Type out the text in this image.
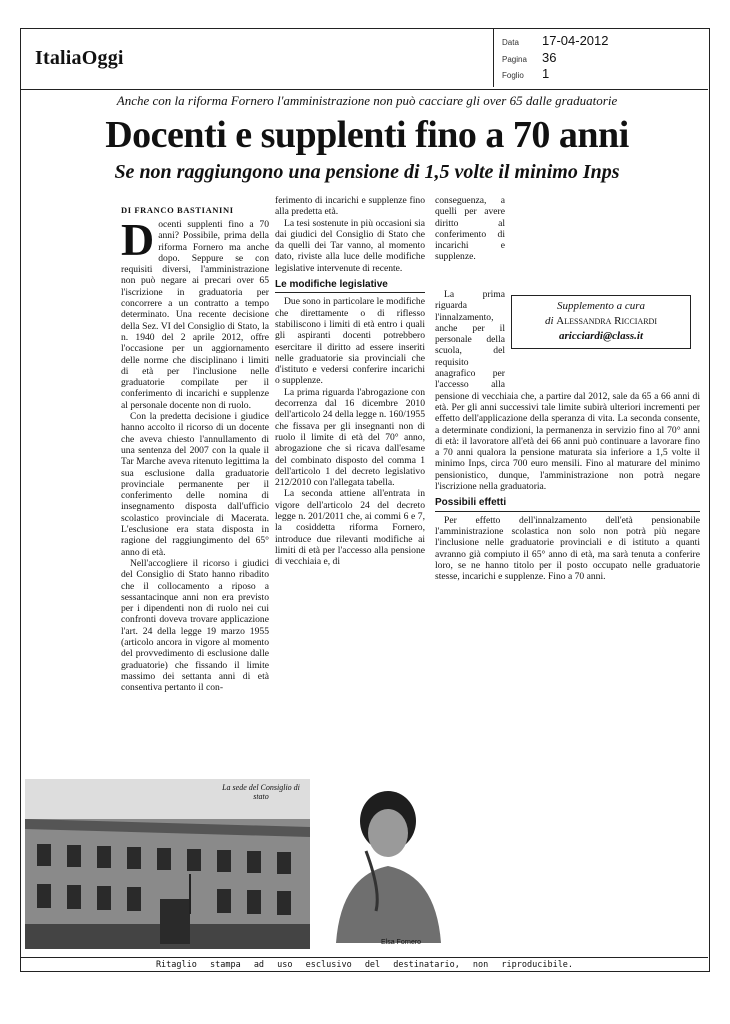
ItaliaOggi
Data 17-04-2012
Pagina 36
Foglio 1
Anche con la riforma Fornero l'amministrazione non può cacciare gli over 65 dalle graduatorie
Docenti e supplenti fino a 70 anni
Se non raggiungono una pensione di 1,5 volte il minimo Inps
DI FRANCO BASTIANINI

Docenti supplenti fino a 70 anni? Possibile, prima della riforma Fornero ma anche dopo. Seppure se con requisiti diversi, l'amministrazione non può negare ai precari over 65 l'iscrizione in graduatoria per concorrere a un contratto a tempo determinato. Una recente decisione della Sez. VI del Consiglio di Stato, la n. 1940 del 2 aprile 2012, offre l'occasione per un aggiornamento delle norme che disciplinano i limiti di età per l'inclusione nelle graduatorie compilate per il conferimento di incarichi e supplenze al personale docente non di ruolo.

Con la predetta decisione i giudice hanno accolto il ricorso di un docente che aveva chiesto l'annullamento di una sentenza del 2007 con la quale il Tar Marche aveva ritenuto legittima la sua esclusione dalla graduatorie provinciale permanente per il conferimento delle nomina di insegnamento disposta dall'ufficio scolastico provinciale di Macerata. L'esclusione era stata disposta in ragione del raggiungimento del 65° anno di età.

Nell'accogliere il ricorso i giudici del Consiglio di Stato hanno ribadito che il collocamento a riposo a sessantacinque anni non era previsto per i dipendenti non di ruolo nei cui confronti doveva trovare applicazione l'art. 24 della legge 19 marzo 1955 (articolo ancora in vigore al momento del provvedimento di esclusione dalle graduatorie) che fissando il limite massimo dei settanta anni di età consentiva pertanto il con-

ferimento di incarichi e supplenze fino alla predetta età.

La tesi sostenute in più occasioni sia dai giudici del Consiglio di Stato che da quelli dei Tar vanno, al momento dato, riviste alla luce delle modifiche legislative intervenute di recente.

Le modifiche legislative

Due sono in particolare le modifiche che direttamente o di riflesso stabiliscono i limiti di età entro i quali gli aspiranti docenti potrebbero esercitare il diritto ad essere inseriti nelle graduatorie sia provinciali che d'istituto e vedersi conferire incarichi o supplenze.

La prima riguarda l'abrogazione con decorrenza dal 16 dicembre 2010 dell'articolo 24 della legge n. 160/1955 che fissava per gli insegnanti non di ruolo il limite di età del 70° anno, abrogazione che si ricava dall'esame del combinato disposto del comma 1 dell'articolo 1 del decreto legislativo 212/2010 con l'allegata tabella.

La seconda attiene all'entrata in vigore dell'articolo 24 del decreto legge n. 201/2011 che, ai commi 6 e 7, la cosiddetta riforma Fornero, introduce due rilevanti modifiche ai limiti di età per l'accesso alla pensione di vecchiaia e, di

conseguenza, a quelli per avere diritto al conferimento di incarichi e supplenze.

La prima riguarda l'innalzamento, anche per il personale della scuola, del requisito anagrafico per l'accesso alla pensione di vecchiaia che, a partire dal 2012, sale da 65 a 66 anni di età. Per gli anni successivi tale limite subirà ulteriori incrementi per effetto dell'applicazione della speranza di vita. La seconda consente, a determinate condizioni, la permanenza in servizio fino al 70° anni di età: il lavoratore all'età dei 66 anni può continuare a lavorare fino a 70 anni qualora la pensione maturata sia inferiore a 1,5 volte il minimo Inps, circa 700 euro mensili. Fino al maturare del minimo pensionistico, dunque, l'amministrazione non potrà negare l'iscrizione nella graduatoria.

Possibili effetti

Per effetto dell'innalzamento dell'età pensionabile l'amministrazione scolastica non solo non potrà più negare l'inclusione nelle graduatorie provinciali e di istituto a quanti avranno già compiuto il 65° anno di età, ma sarà tenuta a conferire loro, se ne hanno titolo per il posto occupato nelle graduatorie stesse, incarichi e supplenze. Fino a 70 anni.

Supplemento a cura
di Alessandra Ricciardi
aricciardi@class.it
La sede del Consiglio di stato
Elsa Fornero
Ritaglio stampa ad uso esclusivo del destinatario, non riproducibile.
